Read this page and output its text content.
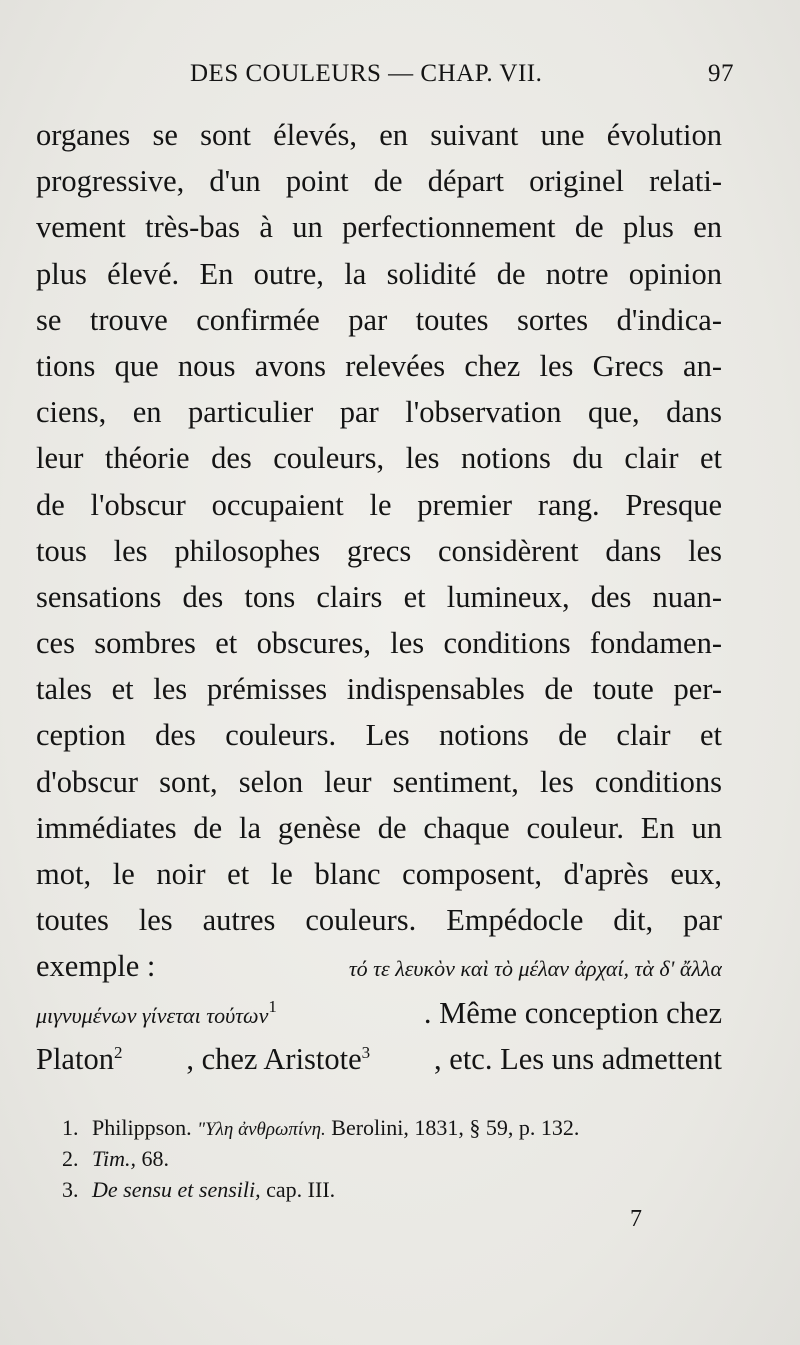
DES COULEURS — CHAP. VII.	97
organes se sont élevés, en suivant une évolution
progressive, d'un point de départ originel relati-
vement très-bas à un perfectionnement de plus en
plus élevé. En outre, la solidité de notre opinion
se trouve confirmée par toutes sortes d'indica-
tions que nous avons relevées chez les Grecs an-
ciens, en particulier par l'observation que, dans
leur théorie des couleurs, les notions du clair et
de l'obscur occupaient le premier rang. Presque
tous les philosophes grecs considèrent dans les
sensations des tons clairs et lumineux, des nuan-
ces sombres et obscures, les conditions fondamen-
tales et les prémisses indispensables de toute per-
ception des couleurs. Les notions de clair et
d'obscur sont, selon leur sentiment, les conditions
immédiates de la genèse de chaque couleur. En un
mot, le noir et le blanc composent, d'après eux,
toutes les autres couleurs. Empédocle dit, par
exemple :	τό τε λευκὸν καὶ τὸ μέλαν ἀρχαί, τὰ δ' ἄλλα
μιγνυμένων γίνεται τούτων$^1$	. Même conception chez
Platon$^2$ , chez Aristote$^3$ , etc. Les uns admettent
1. Philippson. "Υλη ἀνθρωπίνη. Berolini, 1831, § 59, p. 132.
2. Tim., 68.
3. De sensu et sensili, cap. III.
7
